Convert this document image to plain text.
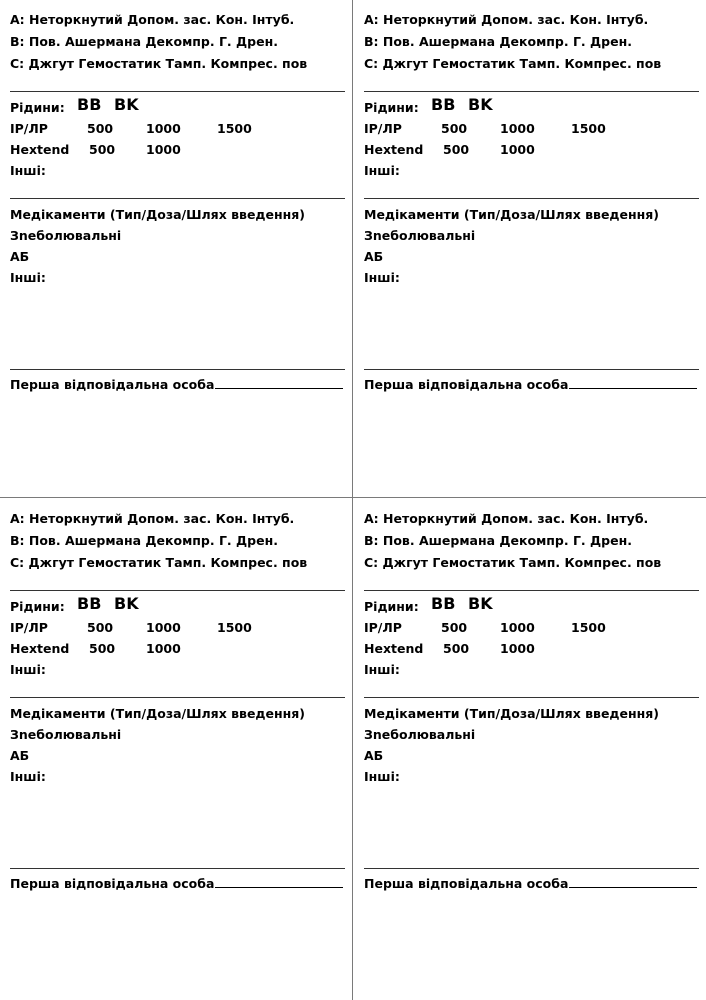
А: Неторкнутий Допом. зас. Кон. Інтуб.
B: Пов. Ашермана Декомпр. Г. Дрен.
C: Джгут Гемостатик Тамп. Компрес. пов
Рідини: BB BK
IP/ЛР	500	1000	1500
Hextend 500 1000
Інші:
Медікаменти (Тип/Доза/Шлях введення)
Зneболювальні
АБ
Інші:
Перша відповідальна особа
А: Неторкнутий Допом. зас. Кон. Інтуб.
B: Пов. Ашермана Декомпр. Г. Дрен.
C: Джгут Гемостатик Тамп. Компрес. пов
Рідини: BB BK
IP/ЛР	500	1000	1500
Hextend 500 1000
Інші:
Медікаменти (Тип/Доза/Шлях введення)
Зneболювальні
АБ
Інші:
Перша відповідальна особа
А: Неторкнутий Допом. зас. Кон. Інтуб.
B: Пов. Ашермана Декомпр. Г. Дрен.
C: Джгут Гемостатик Тамп. Компрес. пов
Рідини: BB BK
IP/ЛР	500	1000	1500
Hextend 500 1000
Інші:
Медікаменти (Тип/Доза/Шлях введення)
Зneболювальні
АБ
Інші:
Перша відповідальна особа
А: Неторкнутий Допом. зас. Кон. Інтуб.
B: Пов. Ашермана Декомпр. Г. Дрен.
C: Джгут Гемостатик Тамп. Компрес. пов
Рідини: BB BK
IP/ЛР	500	1000	1500
Hextend 500 1000
Інші:
Медікаменти (Тип/Доза/Шлях введення)
Зneболювальні
АБ
Інші:
Перша відповідальна особа
